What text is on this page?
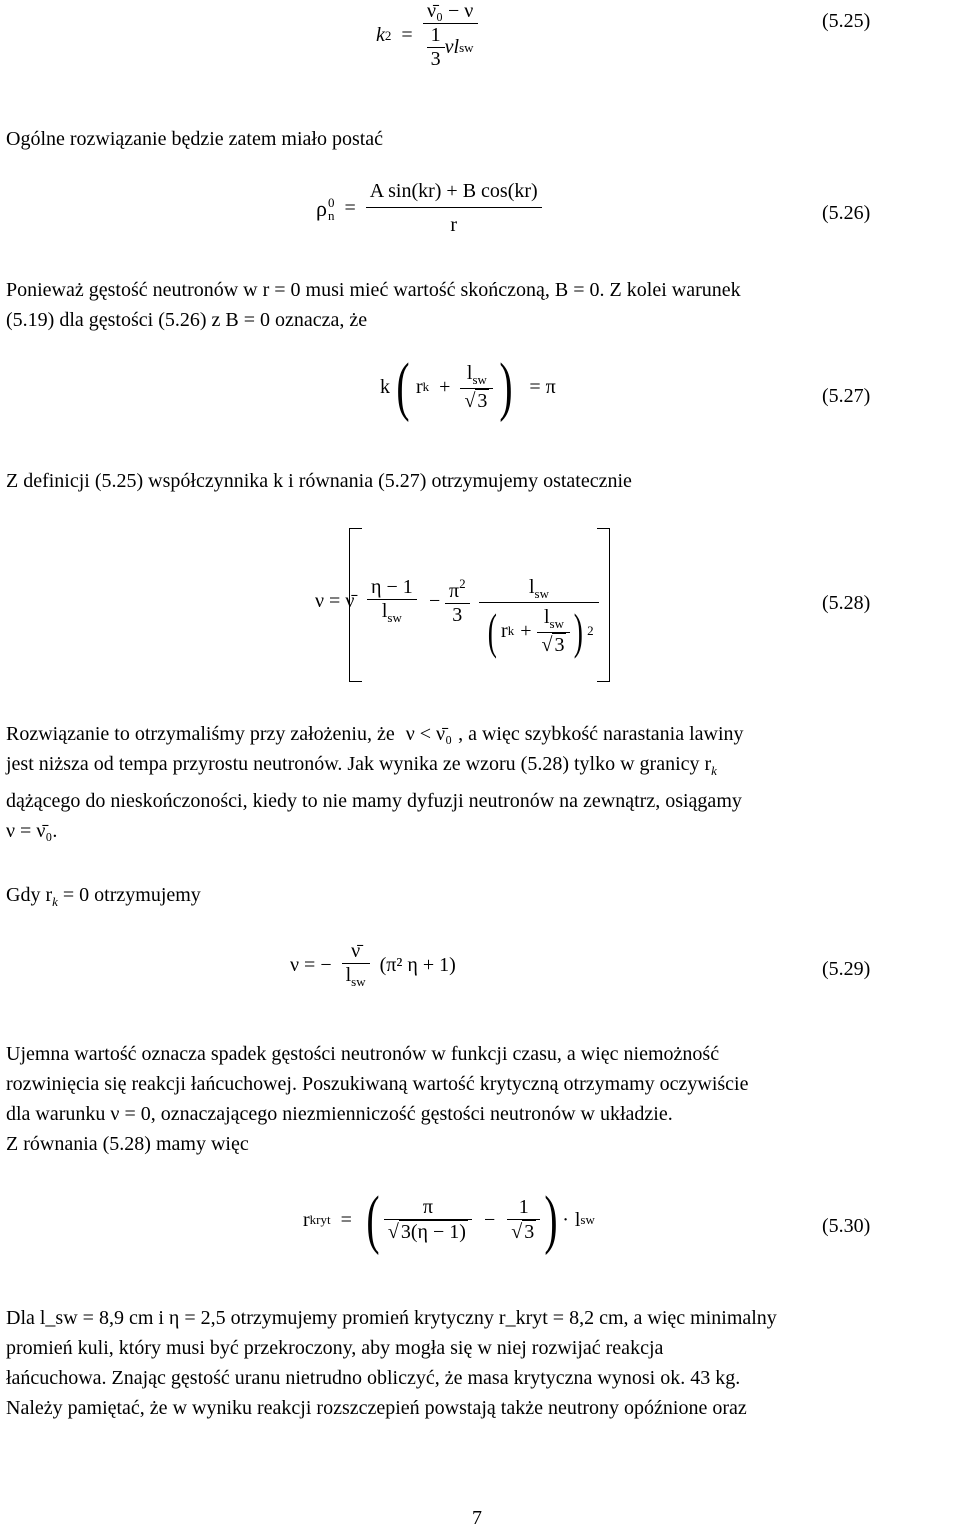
k $2 = \frac{\text{ν̄₀ − ν}}{\frac{1}{3} \nu l sw}$	(5.25)
Ogólne rozwiązanie będzie zatem miało postać
ρ 0
$n = \frac{\text{A sin(kr) + B cos(kr)}}{r}$	(5.26)
Ponieważ gęstość neutronów w r = 0 musi mieć wartość skończoną, B = 0. Z kolei warunek
(5.19) dla gęstości (5.26) z B = 0 oznacza, że
k ( r $k + \frac{l_{sw}}{√ 3}$ ) = π	(5.27)
Z definicji (5.25) współczynnika k i równania (5.27) otrzymujemy ostatecznie
ν = ν̄ $\frac{\eta - 1}{l_{sw}} - \frac{\pi^2}{3}$	$l_{sw}$
( r $k + \frac{l_{sw}}{√ 3}$ ) 2
(5.28)
Rozwiązanie to otrzymaliśmy przy założeniu, że ν < ν̄₀ , a więc szybkość narastania lawiny
jest niższa od tempa przyrostu neutronów. Jak wynika ze wzoru (5.28) tylko w granicy $r_k$
dążącego do nieskończoności, kiedy to nie mamy dyfuzji neutronów na zewnątrz, osiągamy
ν = ν̄₀.
Gdy $r_k = 0$ otrzymujemy
ν = − $\frac{\nū}{l_{sw}} (\pi^2$ η + 1)	(5.29)
Ujemna wartość oznacza spadek gęstości neutronów w funkcji czasu, a więc niemożność
rozwinięcia się reakcji łańcuchowej. Poszukiwaną wartość krytyczną otrzymamy oczywiście
dla warunku ν = 0, oznaczającego niezmienniczość gęstości neutronów w układzie.
Z równania (5.28) mamy więc
r kryt = ( $\frac{\pi}{√ 3(\eta - 1)} - \frac{1}{√ 3}$ ) · l sw	(5.30)
Dla l_sw = 8,9 cm i η = 2,5 otrzymujemy promień krytyczny r_kryt = 8,2 cm, a więc minimalny
promień kuli, który musi być przekroczony, aby mogła się w niej rozwijać reakcja
łańcuchowa. Znając gęstość uranu nietrudno obliczyć, że masa krytyczna wynosi ok. 43 kg.
Należy pamiętać, że w wyniku reakcji rozszczepień powstają także neutrony opóźnione oraz
7
